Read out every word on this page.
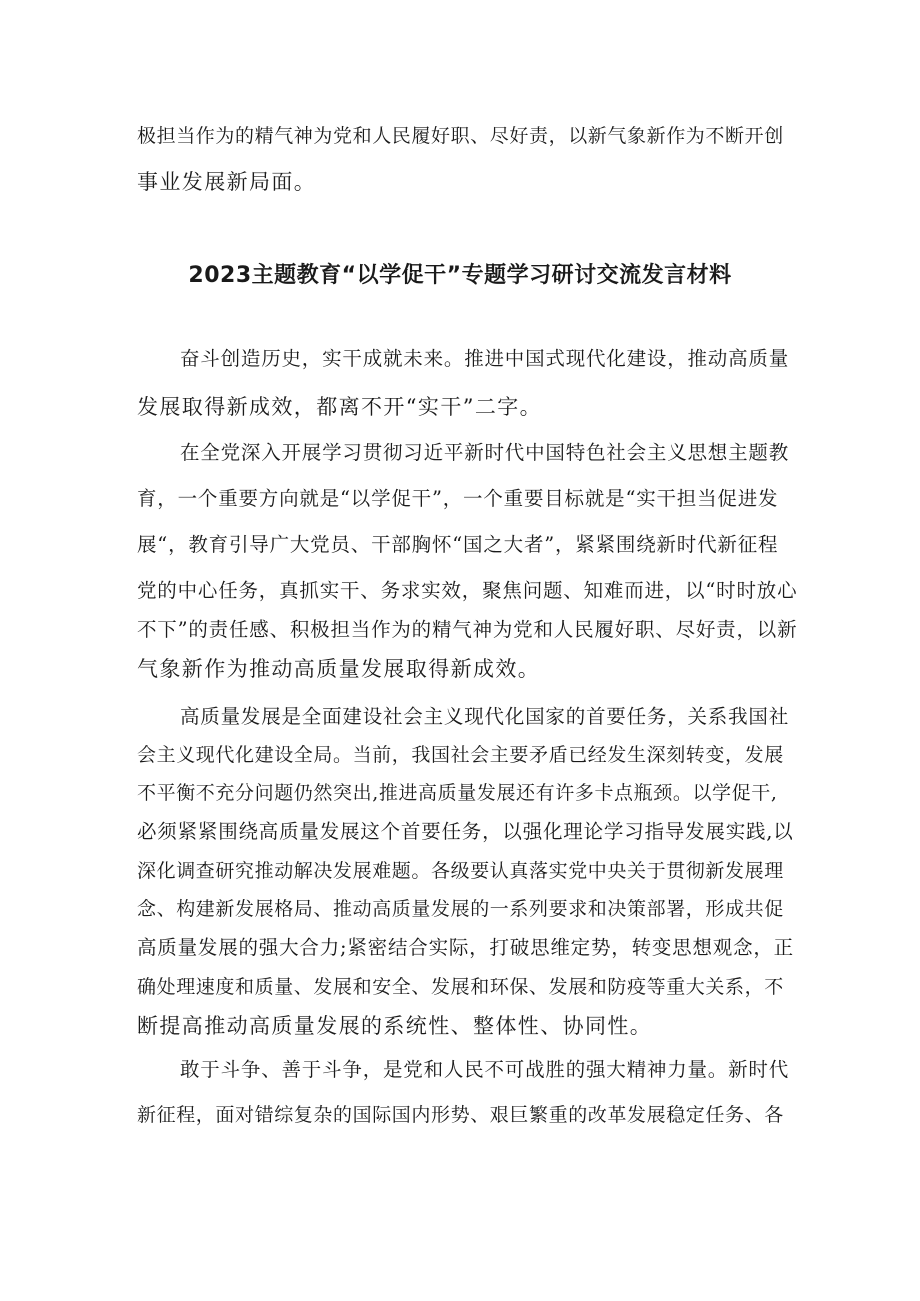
极担当作为的精气神为党和人民履好职、尽好责，以新气象新作为不断开创
事业发展新局面。
2023主题教育“以学促干”专题学习研讨交流发言材料
奋斗创造历史，实干成就未来。推进中国式现代化建设，推动高质量
发展取得新成效，都离不开“实干”二字。
在全党深入开展学习贯彻习近平新时代中国特色社会主义思想主题教
育，一个重要方向就是“以学促干”，一个重要目标就是“实干担当促进发
展“，教育引导广大党员、干部胸怀“国之大者”，紧紧围绕新时代新征程
党的中心任务，真抓实干、务求实效，聚焦问题、知难而进，以“时时放心
不下”的责任感、积极担当作为的精气神为党和人民履好职、尽好责，以新
气象新作为推动高质量发展取得新成效。
高质量发展是全面建设社会主义现代化国家的首要任务，关系我国社
会主义现代化建设全局。当前，我国社会主要矛盾已经发生深刻转变，发展
不平衡不充分问题仍然突出,推进高质量发展还有许多卡点瓶颈。以学促干,
必须紧紧围绕高质量发展这个首要任务，以强化理论学习指导发展实践,以
深化调查研究推动解决发展难题。各级要认真落实党中央关于贯彻新发展理
念、构建新发展格局、推动高质量发展的一系列要求和决策部署，形成共促
高质量发展的强大合力;紧密结合实际，打破思维定势，转变思想观念，正
确处理速度和质量、发展和安全、发展和环保、发展和防疫等重大关系，不
断提高推动高质量发展的系统性、整体性、协同性。
敢于斗争、善于斗争，是党和人民不可战胜的强大精神力量。新时代
新征程，面对错综复杂的国际国内形势、艰巨繁重的改革发展稳定任务、各
